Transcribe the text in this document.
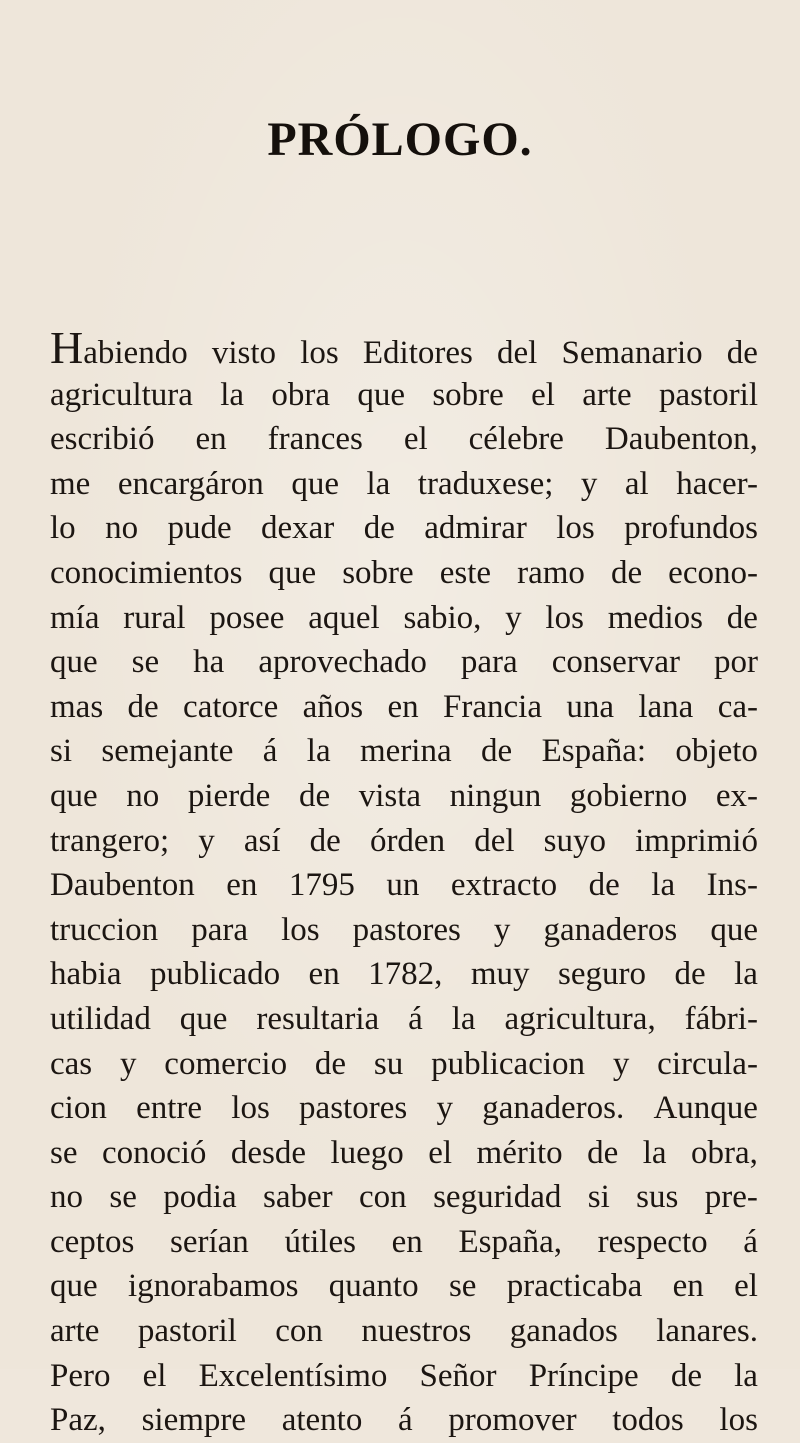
PRÓLOGO.
Habiendo visto los Editores del Semanario de
agricultura la obra que sobre el arte pastoril
escribió en frances el célebre Daubenton,
me encargáron que la traduxese; y al hacer-
lo no pude dexar de admirar los profundos
conocimientos que sobre este ramo de econo-
mía rural posee aquel sabio, y los medios de
que se ha aprovechado para conservar por
mas de catorce años en Francia una lana ca-
si semejante á la merina de España: objeto
que no pierde de vista ningun gobierno ex-
trangero; y así de órden del suyo imprimió
Daubenton en 1795 un extracto de la Ins-
truccion para los pastores y ganaderos que
habia publicado en 1782, muy seguro de la
utilidad que resultaria á la agricultura, fábri-
cas y comercio de su publicacion y circula-
cion entre los pastores y ganaderos. Aunque
se conoció desde luego el mérito de la obra,
no se podia saber con seguridad si sus pre-
ceptos serían útiles en España, respecto á
que ignorabamos quanto se practicaba en el
arte pastoril con nuestros ganados lanares.
Pero el Excelentísimo Señor Príncipe de la
Paz, siempre atento á promover todos los
